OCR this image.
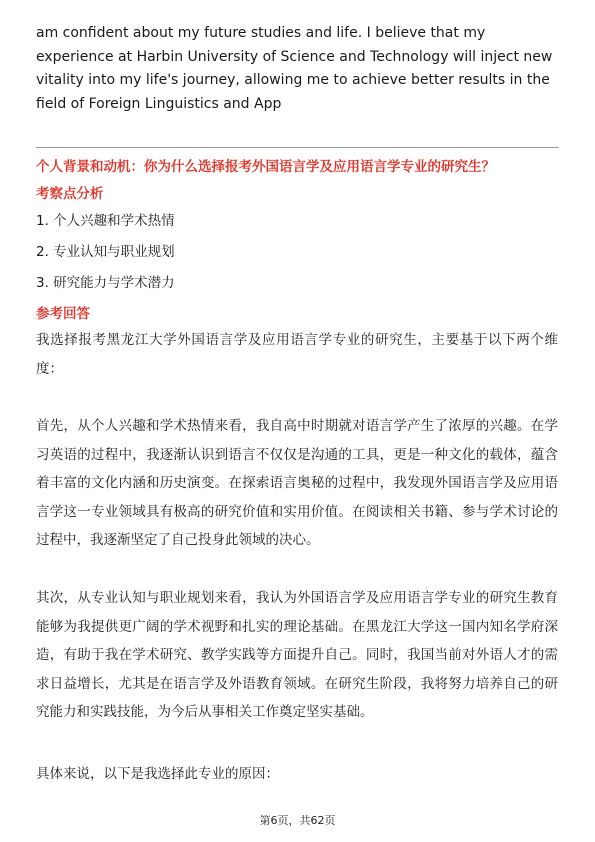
am confident about my future studies and life. I believe that my experience at Harbin University of Science and Technology will inject new vitality into my life's journey, allowing me to achieve better results in the field of Foreign Linguistics and App

个人背景和动机：你为什么选择报考外国语言学及应用语言学专业的研究生？

考察点分析

1. 个人兴趣和学术热情
2. 专业认知与职业规划
3. 研究能力与学术潜力

参考回答

我选择报考黑龙江大学外国语言学及应用语言学专业的研究生，主要基于以下两个维度：

首先，从个人兴趣和学术热情来看，我自高中时期就对语言学产生了浓厚的兴趣。在学习英语的过程中，我逐渐认识到语言不仅仅是沟通的工具，更是一种文化的载体，蕴含着丰富的文化内涵和历史演变。在探索语言奥秘的过程中，我发现外国语言学及应用语言学这一专业领域具有极高的研究价值和实用价值。在阅读相关书籍、参与学术讨论的过程中，我逐渐坚定了自己投身此领域的决心。

其次，从专业认知与职业规划来看，我认为外国语言学及应用语言学专业的研究生教育能够为我提供更广阔的学术视野和扎实的理论基础。在黑龙江大学这一国内知名学府深造，有助于我在学术研究、教学实践等方面提升自己。同时，我国当前对外语人才的需求日益增长，尤其是在语言学及外语教育领域。在研究生阶段，我将努力培养自己的研究能力和实践技能，为今后从事相关工作奠定坚实基础。

具体来说，以下是我选择此专业的原因：

第6页，共62页
